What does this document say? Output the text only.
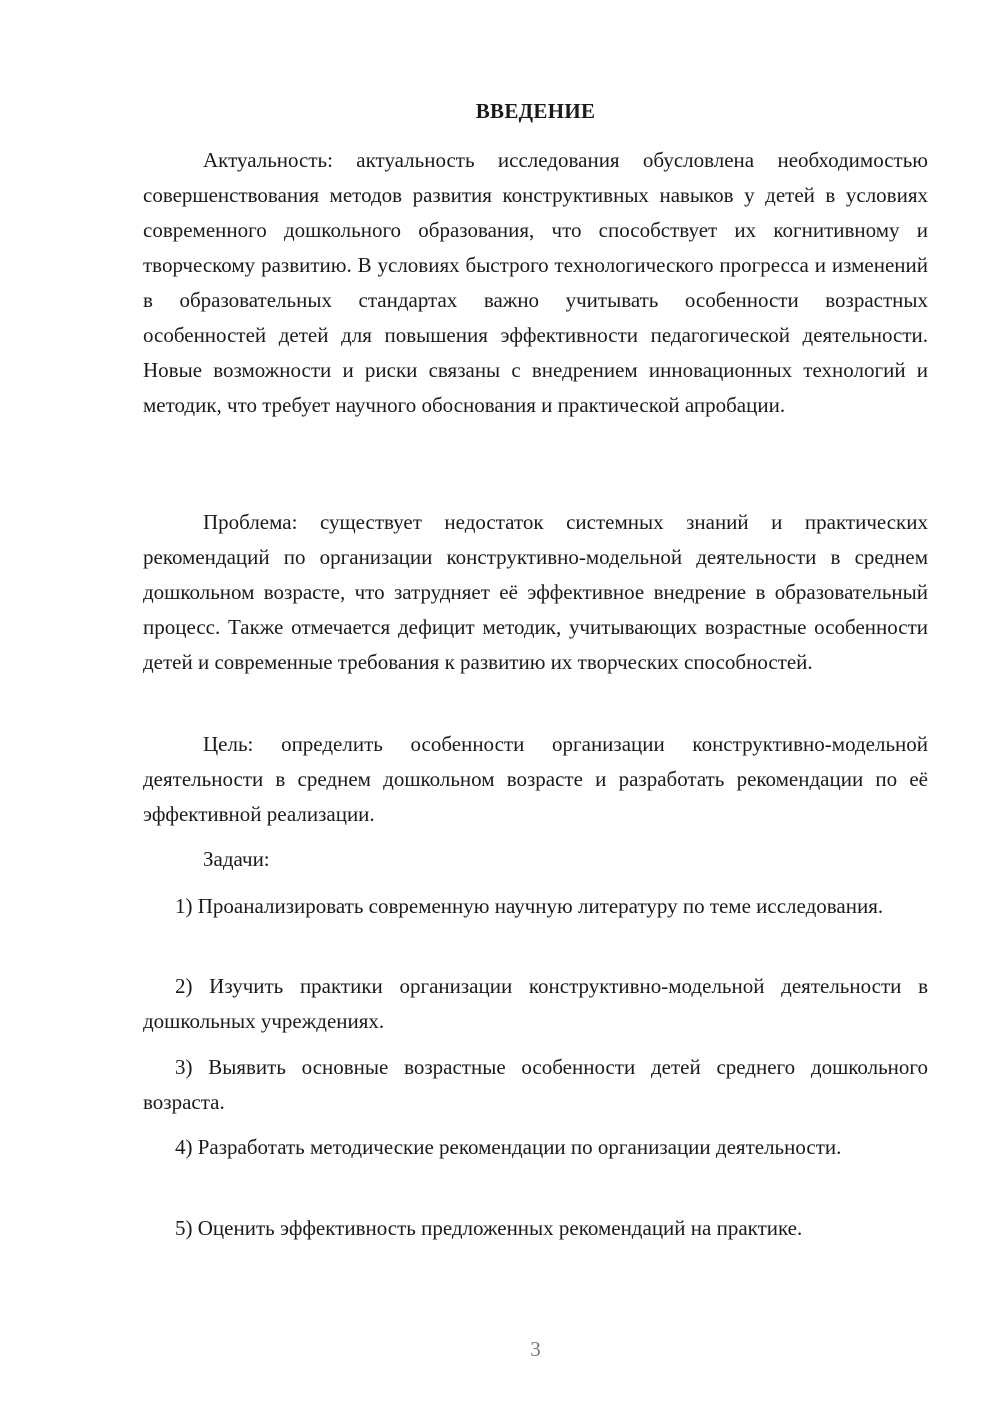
ВВЕДЕНИЕ

Актуальность: актуальность исследования обусловлена необходимостью совершенствования методов развития конструктивных навыков у детей в условиях современного дошкольного образования, что способствует их когнитивному и творческому развитию. В условиях быстрого технологического прогресса и изменений в образовательных стандартах важно учитывать особенности возрастных особенностей детей для повышения эффективности педагогической деятельности. Новые возможности и риски связаны с внедрением инновационных технологий и методик, что требует научного обоснования и практической апробации.

Проблема: существует недостаток системных знаний и практических рекомендаций по организации конструктивно-модельной деятельности в среднем дошкольном возрасте, что затрудняет её эффективное внедрение в образовательный процесс. Также отмечается дефицит методик, учитывающих возрастные особенности детей и современные требования к развитию их творческих способностей.

Цель: определить особенности организации конструктивно-модельной деятельности в среднем дошкольном возрасте и разработать рекомендации по её эффективной реализации.

Задачи:

1) Проанализировать современную научную литературу по теме исследования.

2) Изучить практики организации конструктивно-модельной деятельности в дошкольных учреждениях.

3) Выявить основные возрастные особенности детей среднего дошкольного возраста.

4) Разработать методические рекомендации по организации деятельности.

5) Оценить эффективность предложенных рекомендаций на практике.

3
